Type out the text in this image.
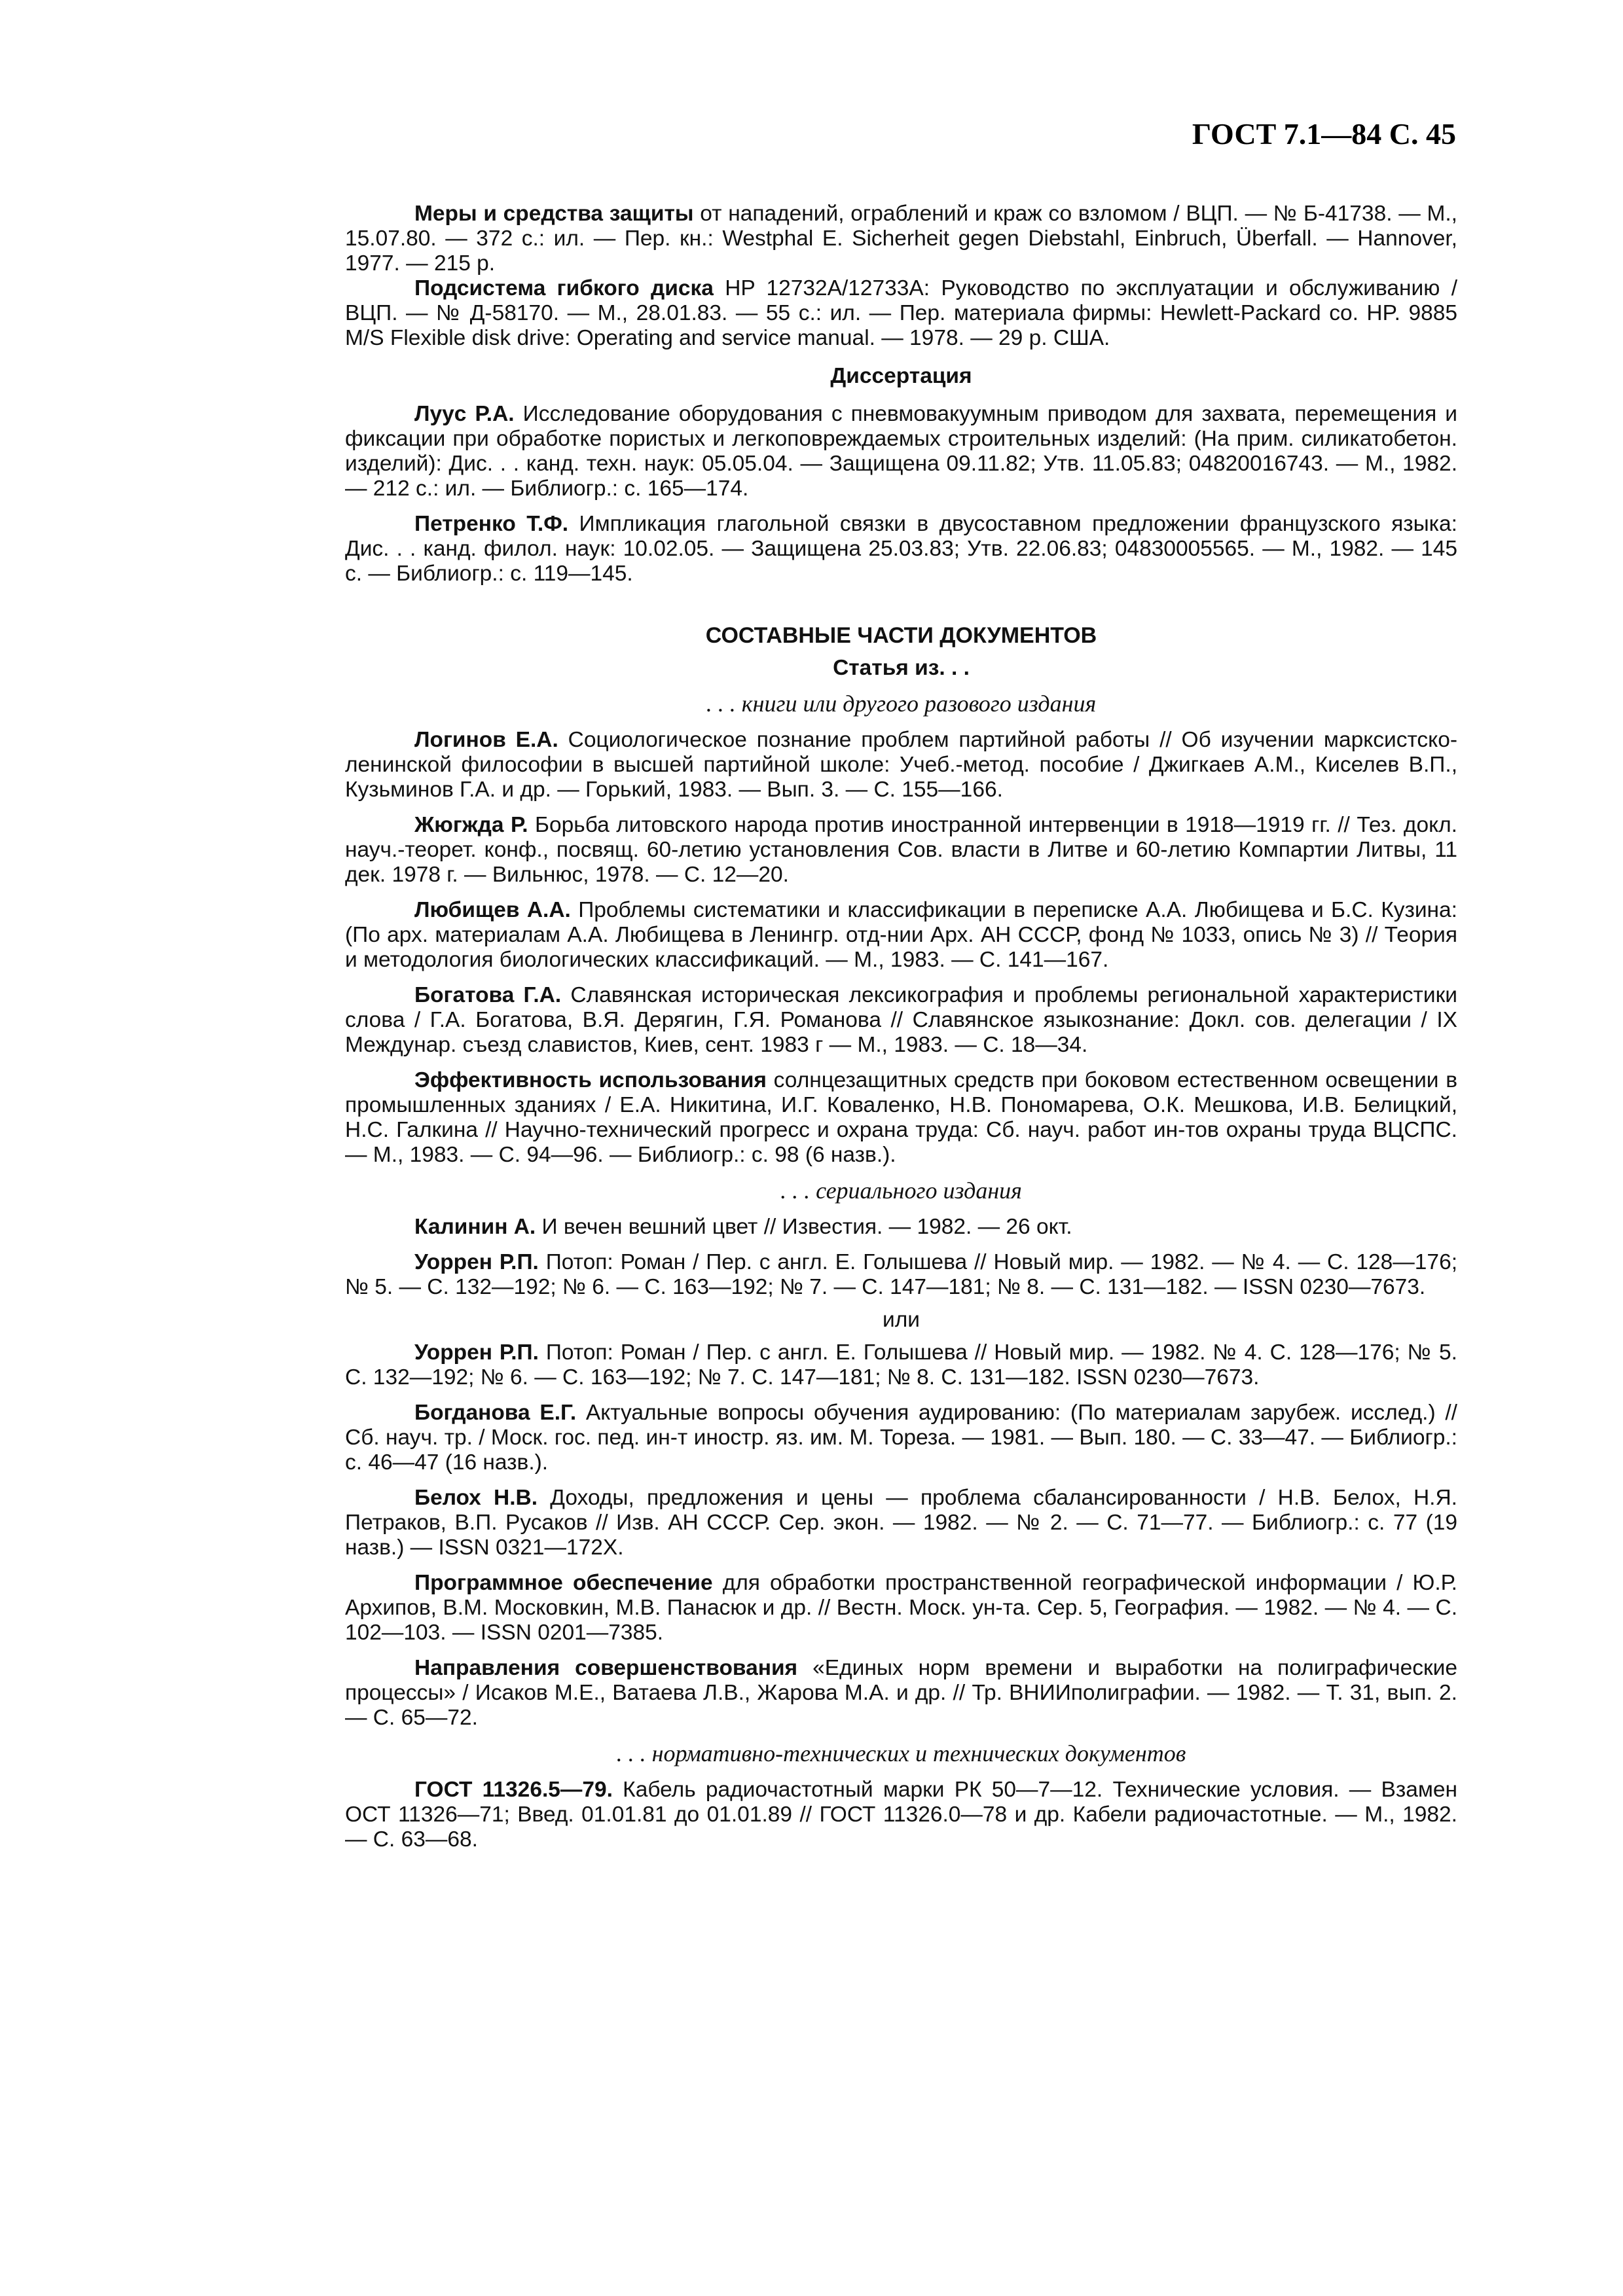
ГОСТ 7.1—84 С. 45

Меры и средства защиты от нападений, ограблений и краж со взломом / ВЦП. — № Б-41738. — М., 15.07.80. — 372 с.: ил. — Пер. кн.: Westphal E. Sicherheit gegen Diebstahl, Einbruch, Überfall. — Hannover, 1977. — 215 p.

Подсистема гибкого диска HP 12732A/12733A: Руководство по эксплуатации и обслуживанию / ВЦП. — № Д-58170. — М., 28.01.83. — 55 с.: ил. — Пер. материала фирмы: Hewlett-Packard co. HP. 9885 M/S Flexible disk drive: Operating and service manual. — 1978. — 29 p. США.

Диссертация

Лууc Р.А. Исследование оборудования с пневмовакуумным приводом для захвата, перемещения и фиксации при обработке пористых и легкоповреждаемых строительных изделий: (На прим. силикатобетон. изделий): Дис. . . канд. техн. наук: 05.05.04. — Защищена 09.11.82; Утв. 11.05.83; 04820016743. — М., 1982. — 212 с.: ил. — Библиогр.: с. 165—174.

Петренко Т.Ф. Импликация глагольной связки в двусоставном предложении французского языка: Дис. . . канд. филол. наук: 10.02.05. — Защищена 25.03.83; Утв. 22.06.83; 04830005565. — М., 1982. — 145 с. — Библиогр.: с. 119—145.

СОСТАВНЫЕ ЧАСТИ ДОКУМЕНТОВ
Статья из. . .
. . . книги или другого разового издания

Логинов Е.А. Социологическое познание проблем партийной работы // Об изучении марксистско-ленинской философии в высшей партийной школе: Учеб.-метод. пособие / Джигкаев А.М., Киселев В.П., Кузьминов Г.А. и др. — Горький, 1983. — Вып. 3. — С. 155—166.

Жюгжда Р. Борьба литовского народа против иностранной интервенции в 1918—1919 гг. // Тез. докл. науч.-теорет. конф., посвящ. 60-летию установления Сов. власти в Литве и 60-летию Компартии Литвы, 11 дек. 1978 г. — Вильнюс, 1978. — С. 12—20.

Любищев А.А. Проблемы систематики и классификации в переписке А.А. Любищева и Б.С. Кузина: (По арх. материалам А.А. Любищева в Ленингр. отд-нии Арх. АН СССР, фонд № 1033, опись № 3) // Теория и методология биологических классификаций. — М., 1983. — С. 141—167.

Богатова Г.А. Славянская историческая лексикография и проблемы региональной характеристики слова / Г.А. Богатова, В.Я. Дерягин, Г.Я. Романова // Славянское языкознание: Докл. сов. делегации / IX Междунар. съезд славистов, Киев, сент. 1983 г — М., 1983. — С. 18—34.

Эффективность использования солнцезащитных средств при боковом естественном освещении в промышленных зданиях / Е.А. Никитина, И.Г. Коваленко, Н.В. Пономарева, О.К. Мешкова, И.В. Белицкий, Н.С. Галкина // Научно-технический прогресс и охрана труда: Сб. науч. работ ин-тов охраны труда ВЦСПС. — М., 1983. — С. 94—96. — Библиогр.: с. 98 (6 назв.).

. . . сериального издания

Калинин А. И вечен вешний цвет // Известия. — 1982. — 26 окт.

Уоррен Р.П. Потоп: Роман / Пер. с англ. Е. Голышева // Новый мир. — 1982. — № 4. — С. 128—176; № 5. — С. 132—192; № 6. — С. 163—192; № 7. — С. 147—181; № 8. — С. 131—182. — ISSN 0230—7673.

или

Уоррен Р.П. Потоп: Роман / Пер. с англ. Е. Голышева // Новый мир. — 1982. № 4. С. 128—176; № 5. С. 132—192; № 6. — С. 163—192; № 7. С. 147—181; № 8. С. 131—182. ISSN 0230—7673.

Богданова Е.Г. Актуальные вопросы обучения аудированию: (По материалам зарубеж. исслед.) // Сб. науч. тр. / Моск. гос. пед. ин-т иностр. яз. им. М. Тореза. — 1981. — Вып. 180. — С. 33—47. — Библиогр.: с. 46—47 (16 назв.).

Белох Н.В. Доходы, предложения и цены — проблема сбалансированности / Н.В. Белох, Н.Я. Петраков, В.П. Русаков // Изв. АН СССР. Сер. экон. — 1982. — № 2. — С. 71—77. — Библиогр.: с. 77 (19 назв.) — ISSN 0321—172Х.

Программное обеспечение для обработки пространственной географической информации / Ю.Р. Архипов, В.М. Московкин, М.В. Панасюк и др. // Вестн. Моск. ун-та. Сер. 5, География. — 1982. — № 4. — С. 102—103. — ISSN 0201—7385.

Направления совершенствования «Единых норм времени и выработки на полиграфические процессы» / Исаков М.Е., Ватаева Л.В., Жарова М.А. и др. // Тр. ВНИИполиграфии. — 1982. — Т. 31, вып. 2. — С. 65—72.

. . . нормативно-технических и технических документов

ГОСТ 11326.5—79. Кабель радиочастотный марки РК 50—7—12. Технические условия. — Взамен ОСТ 11326—71; Введ. 01.01.81 до 01.01.89 // ГОСТ 11326.0—78 и др. Кабели радиочастотные. — М., 1982. — С. 63—68.
